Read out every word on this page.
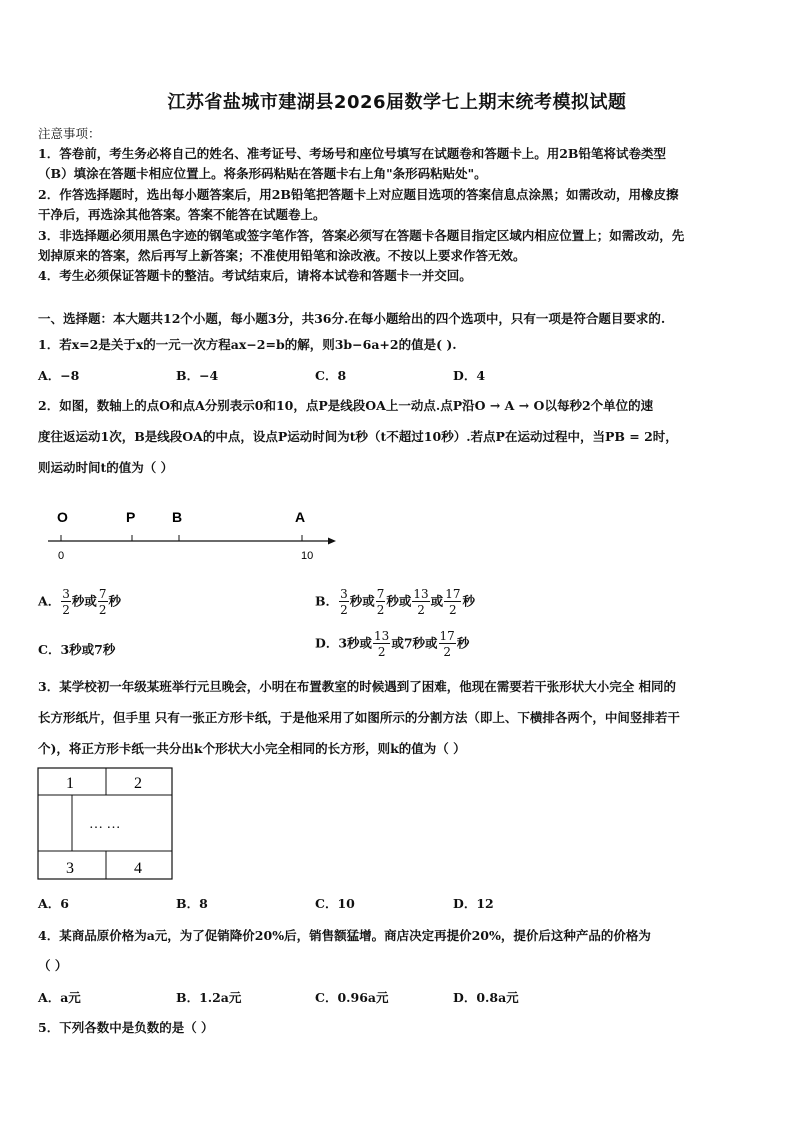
江苏省盐城市建湖县2026届数学七上期末统考模拟试题
注意事项：
1．答卷前，考生务必将自己的姓名、准考证号、考场号和座位号填写在试题卷和答题卡上。用2B铅笔将试卷类型
（B）填涂在答题卡相应位置上。将条形码粘贴在答题卡右上角"条形码粘贴处"。
2．作答选择题时，选出每小题答案后，用2B铅笔把答题卡上对应题目选项的答案信息点涂黑；如需改动，用橡皮擦
干净后，再选涂其他答案。答案不能答在试题卷上。
3．非选择题必须用黑色字迹的钢笔或签字笔作答，答案必须写在答题卡各题目指定区域内相应位置上；如需改动，先
划掉原来的答案，然后再写上新答案；不准使用铅笔和涂改液。不按以上要求作答无效。
4．考生必须保证答题卡的整洁。考试结束后，请将本试卷和答题卡一并交回。
一、选择题：本大题共12个小题，每小题3分，共36分.在每小题给出的四个选项中，只有一项是符合题目要求的.
1．若x=2是关于x的一元一次方程ax−2=b的解，则3b−6a+2的值是( ).
A．−8	B．−4	C．8	D．4
2．如图，数轴上的点O和点A分别表示0和10，点P是线段OA上一动点.点P沿O → A → O以每秒2个单位的速
度往返运动1次，B是线段OA的中点，设点P运动时间为t秒（t不超过10秒）.若点P在运动过程中，当PB = 2时，
则运动时间t的值为（ ）
O	P	B	A
0	10
A． $\frac{3}{2}$ 秒或 $\frac{7}{2}$ 秒	B． $\frac{3}{2}$ 秒或 $\frac{7}{2}$ 秒或 $\frac{13}{2}$ 或 $\frac{17}{2}$ 秒
C．3秒或7秒	D．3秒或 $\frac{13}{2}$ 或7秒或 $\frac{17}{2}$ 秒
3．某学校初一年级某班举行元旦晚会，小明在布置教室的时候遇到了困难，他现在需要若干张形状大小完全 相同的
长方形纸片，但手里 只有一张正方形卡纸，于是他采用了如图所示的分割方法（即上、下横排各两个，中间竖排若干
个)，将正方形卡纸一共分出k个形状大小完全相同的长方形，则k的值为（ ）
1	2
… …
3	4
A．6	B．8	C．10	D．12
4．某商品原价格为a元，为了促销降价20%后，销售额猛增。商店决定再提价20%，提价后这种产品的价格为
（ ）
A．a元	B．1.2a元	C．0.96a元	D．0.8a元
5．下列各数中是负数的是（ ）
